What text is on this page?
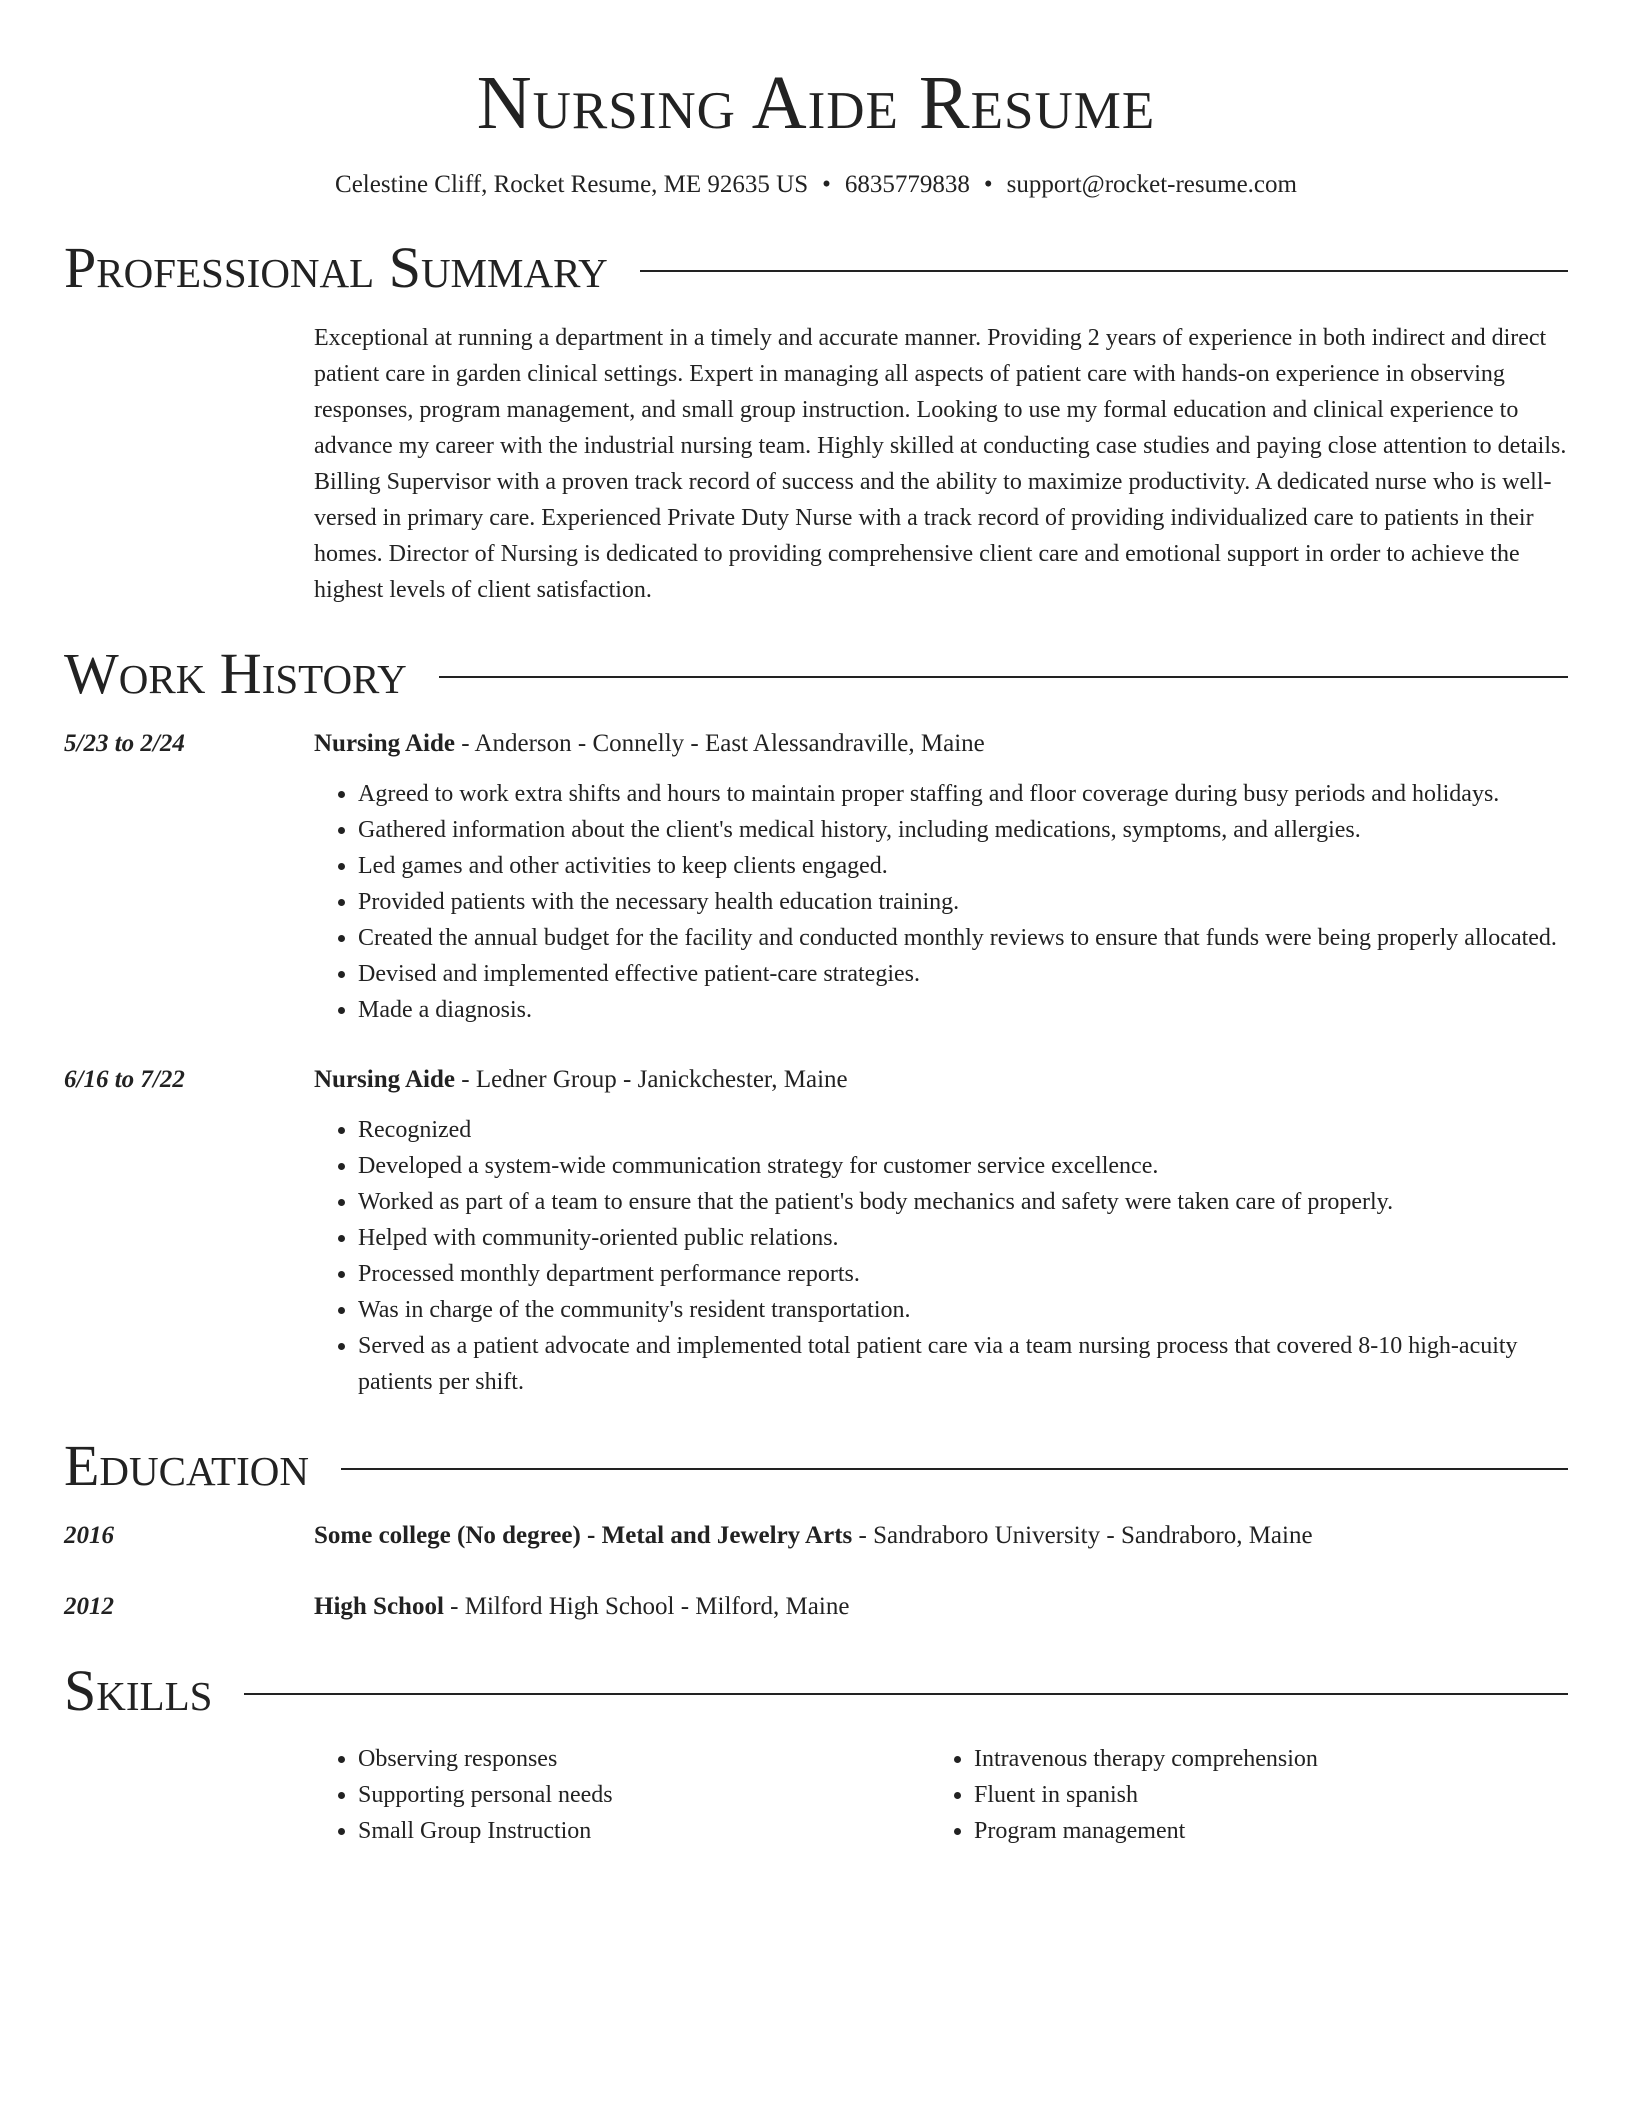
Nursing Aide Resume
Celestine Cliff, Rocket Resume, ME 92635 US • 6835779838 • support@rocket-resume.com
Professional Summary
Exceptional at running a department in a timely and accurate manner. Providing 2 years of experience in both indirect and direct patient care in garden clinical settings. Expert in managing all aspects of patient care with hands-on experience in observing responses, program management, and small group instruction. Looking to use my formal education and clinical experience to advance my career with the industrial nursing team. Highly skilled at conducting case studies and paying close attention to details. Billing Supervisor with a proven track record of success and the ability to maximize productivity. A dedicated nurse who is well-versed in primary care. Experienced Private Duty Nurse with a track record of providing individualized care to patients in their homes. Director of Nursing is dedicated to providing comprehensive client care and emotional support in order to achieve the highest levels of client satisfaction.
Work History
5/23 to 2/24	Nursing Aide - Anderson - Connelly - East Alessandraville, Maine
• Agreed to work extra shifts and hours to maintain proper staffing and floor coverage during busy periods and holidays.
• Gathered information about the client's medical history, including medications, symptoms, and allergies.
• Led games and other activities to keep clients engaged.
• Provided patients with the necessary health education training.
• Created the annual budget for the facility and conducted monthly reviews to ensure that funds were being properly allocated.
• Devised and implemented effective patient-care strategies.
• Made a diagnosis.
6/16 to 7/22	Nursing Aide - Ledner Group - Janickchester, Maine
• Recognized
• Developed a system-wide communication strategy for customer service excellence.
• Worked as part of a team to ensure that the patient's body mechanics and safety were taken care of properly.
• Helped with community-oriented public relations.
• Processed monthly department performance reports.
• Was in charge of the community's resident transportation.
• Served as a patient advocate and implemented total patient care via a team nursing process that covered 8-10 high-acuity patients per shift.
Education
2016	Some college (No degree) - Metal and Jewelry Arts - Sandraboro University - Sandraboro, Maine
2012	High School - Milford High School - Milford, Maine
Skills
• Observing responses
• Supporting personal needs
• Small Group Instruction
• Intravenous therapy comprehension
• Fluent in spanish
• Program management
